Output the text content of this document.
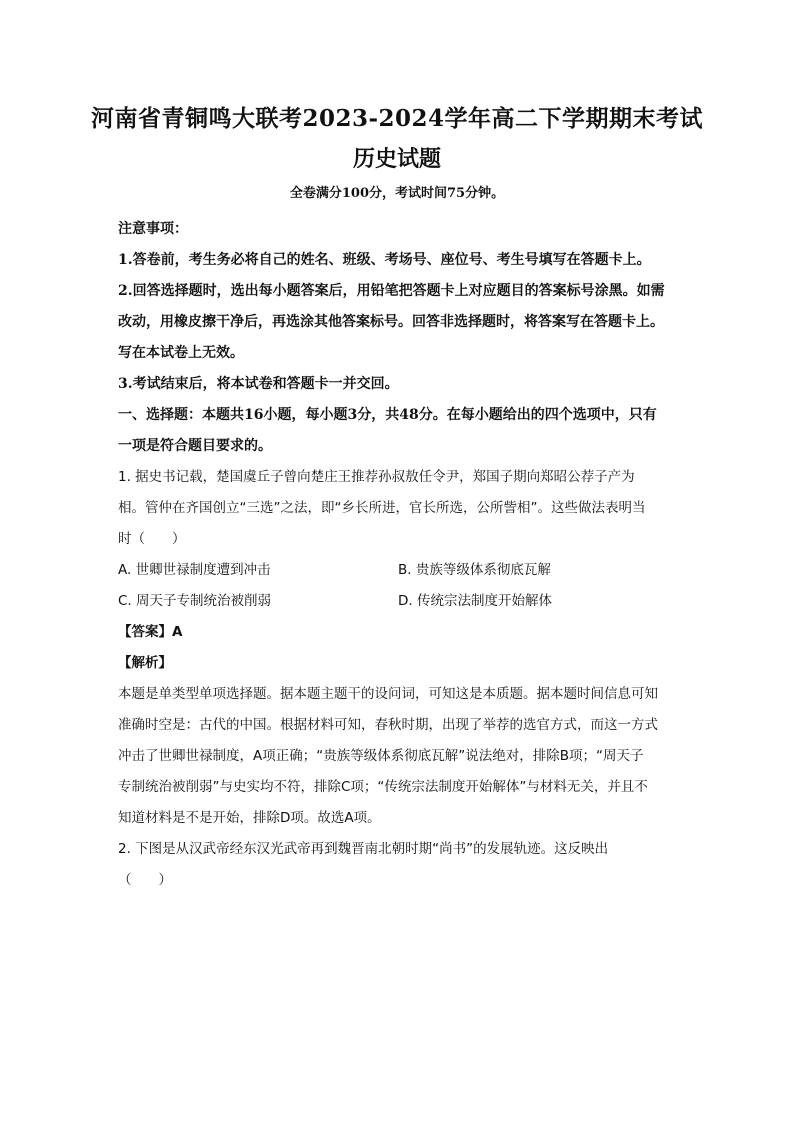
河南省青铜鸣大联考2023-2024学年高二下学期期末考试
历史试题
全卷满分100分，考试时间75分钟。

注意事项：

1.答卷前，考生务必将自己的姓名、班级、考场号、座位号、考生号填写在答题卡上。

2.回答选择题时，选出每小题答案后，用铅笔把答题卡上对应题目的答案标号涂黑。如需

改动，用橡皮擦干净后，再选涂其他答案标号。回答非选择题时，将答案写在答题卡上。

写在本试卷上无效。

3.考试结束后，将本试卷和答题卡一并交回。

一、选择题：本题共16小题，每小题3分，共48分。在每小题给出的四个选项中，只有

一项是符合题目要求的。

1. 据史书记载，楚国虞丘子曾向楚庄王推荐孙叔敖任令尹，郑国子期向郑昭公荐子产为

相。管仲在齐国创立“三选”之法，即“乡长所进，官长所选，公所訾相”。这些做法表明当

时（　　）

A. 世卿世禄制度遭到冲击	B. 贵族等级体系彻底瓦解
C. 周天子专制统治被削弱	D. 传统宗法制度开始解体

【答案】A

【解析】

本题是单类型单项选择题。据本题主题干的设问词，可知这是本质题。据本题时间信息可知

准确时空是：古代的中国。根据材料可知，春秋时期，出现了举荐的选官方式，而这一方式

冲击了世卿世禄制度，A项正确；“贵族等级体系彻底瓦解”说法绝对，排除B项；“周天子

专制统治被削弱”与史实均不符，排除C项；“传统宗法制度开始解体”与材料无关，并且不

知道材料是不是开始，排除D项。故选A项。

2. 下图是从汉武帝经东汉光武帝再到魏晋南北朝时期“尚书”的发展轨迹。这反映出

（　　）
